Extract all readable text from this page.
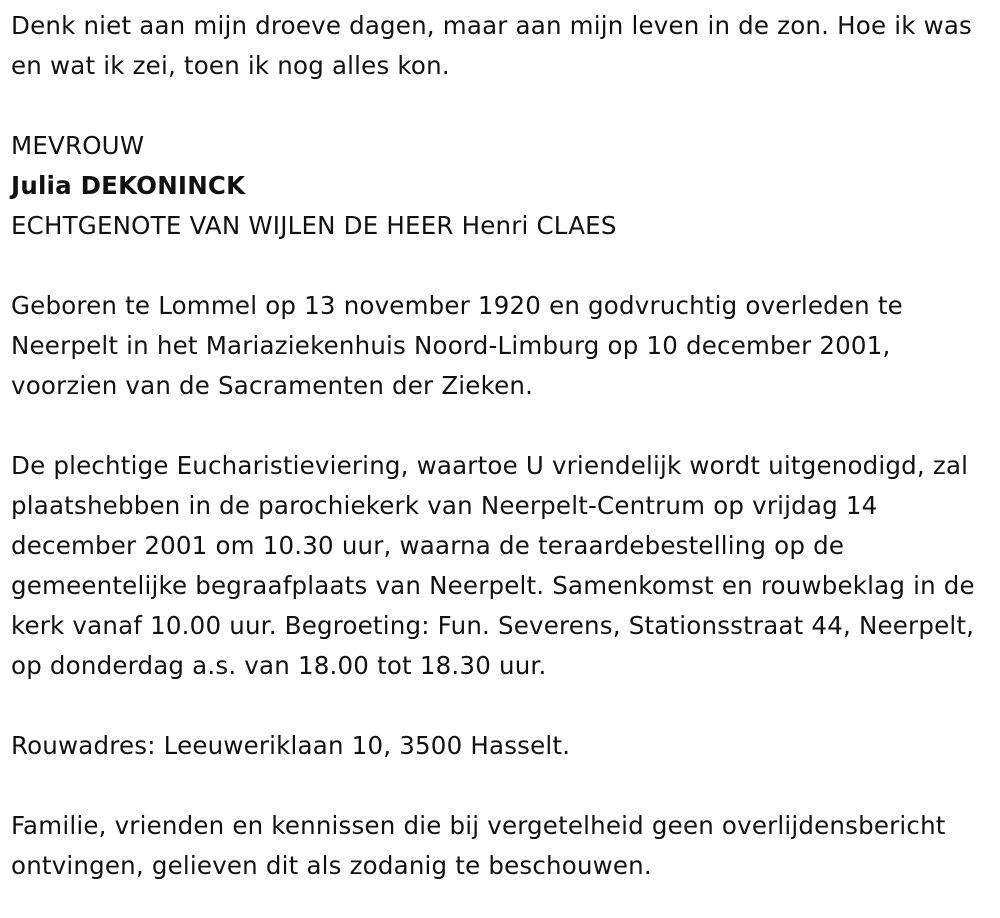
Denk niet aan mijn droeve dagen, maar aan mijn leven in de zon. Hoe ik was en wat ik zei, toen ik nog alles kon.

MEVROUW

Julia DEKONINCK

ECHTGENOTE VAN WIJLEN DE HEER Henri CLAES

Geboren te Lommel op 13 november 1920 en godvruchtig overleden te Neerpelt in het Mariaziekenhuis Noord-Limburg op 10 december 2001, voorzien van de Sacramenten der Zieken.

De plechtige Eucharistieviering, waartoe U vriendelijk wordt uitgenodigd, zal plaatshebben in de parochiekerk van Neerpelt-Centrum op vrijdag 14 december 2001 om 10.30 uur, waarna de teraardebestelling op de gemeentelijke begraafplaats van Neerpelt. Samenkomst en rouwbeklag in de kerk vanaf 10.00 uur. Begroeting: Fun. Severens, Stationsstraat 44, Neerpelt, op donderdag a.s. van 18.00 tot 18.30 uur.

Rouwadres: Leeuweriklaan 10, 3500 Hasselt.

Familie, vrienden en kennissen die bij vergetelheid geen overlijdensbericht ontvingen, gelieven dit als zodanig te beschouwen.
